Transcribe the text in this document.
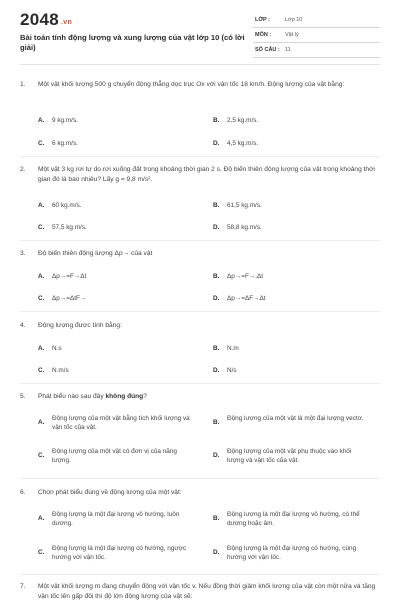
2048 .vn
Bài toán tính động lượng và xung lượng của vật lớp 10 (có lời giải)
LỚP :	Lớp 10
MÔN :	Vật lý
SỐ CÂU : 11
1. Một vật khối lượng 500 g chuyển động thẳng dọc trục Ox với vận tốc 18 km/h. Động lượng của vật bằng:
A. 9 kg.m/s.	B. 2,5 kg.m/s.
C. 6 kg.m/s.	D. 4,5 kg.m/s.
2. Một vật 3 kg rơi tự do rơi xuống đất trong khoảng thời gian 2 s. Độ biến thiên động lượng của vật trong khoảng thời gian đó là bao nhiêu? Lấy g = 9,8 m/s².
A. 60 kg.m/s.	B. 61,5 kg.m/s.
C. 57,5 kg.m/s.	D. 58,8 kg.m/s.
3. Độ biến thiên động lượng Δp→ của vật
A. Δp→=F→Δt	B. Δp→=F→.Δt
C. Δp→=ΔtF→	D. Δp→=ΔF→Δt
4. Động lượng được tính bằng:
A. N.s	B. N.m
C. N.m/s	D. N/s
5. Phát biểu nào sau đây không đúng?
A.
Động lượng của một vật bằng tích khối lượng và vận tốc của vật.
B.
Động lượng của một vật là một đại lượng vectơ.
C.
Động lượng của một vật có đơn vị của năng lượng.
D.
Động lượng của một vật phụ thuộc vào khối lượng và vận tốc của vật.
6. Chọn phát biểu đúng về động lượng của một vật:
A.
Động lượng là một đại lượng vô hướng, luôn dương.
B.
Động lượng là một đại lượng vô hướng, có thể dương hoặc âm.
C.
Động lượng là một đại lượng có hướng, ngược hướng với vận tốc.
D.
Động lượng là một đại lượng có hướng, cùng hướng với vận tốc.
7. Một vật khối lượng m đang chuyển động với vận tốc v. Nếu đồng thời giảm khối lượng của vật còn một nửa và tăng vận tốc lên gấp đôi thì độ lớn động lượng của vật sẽ:
